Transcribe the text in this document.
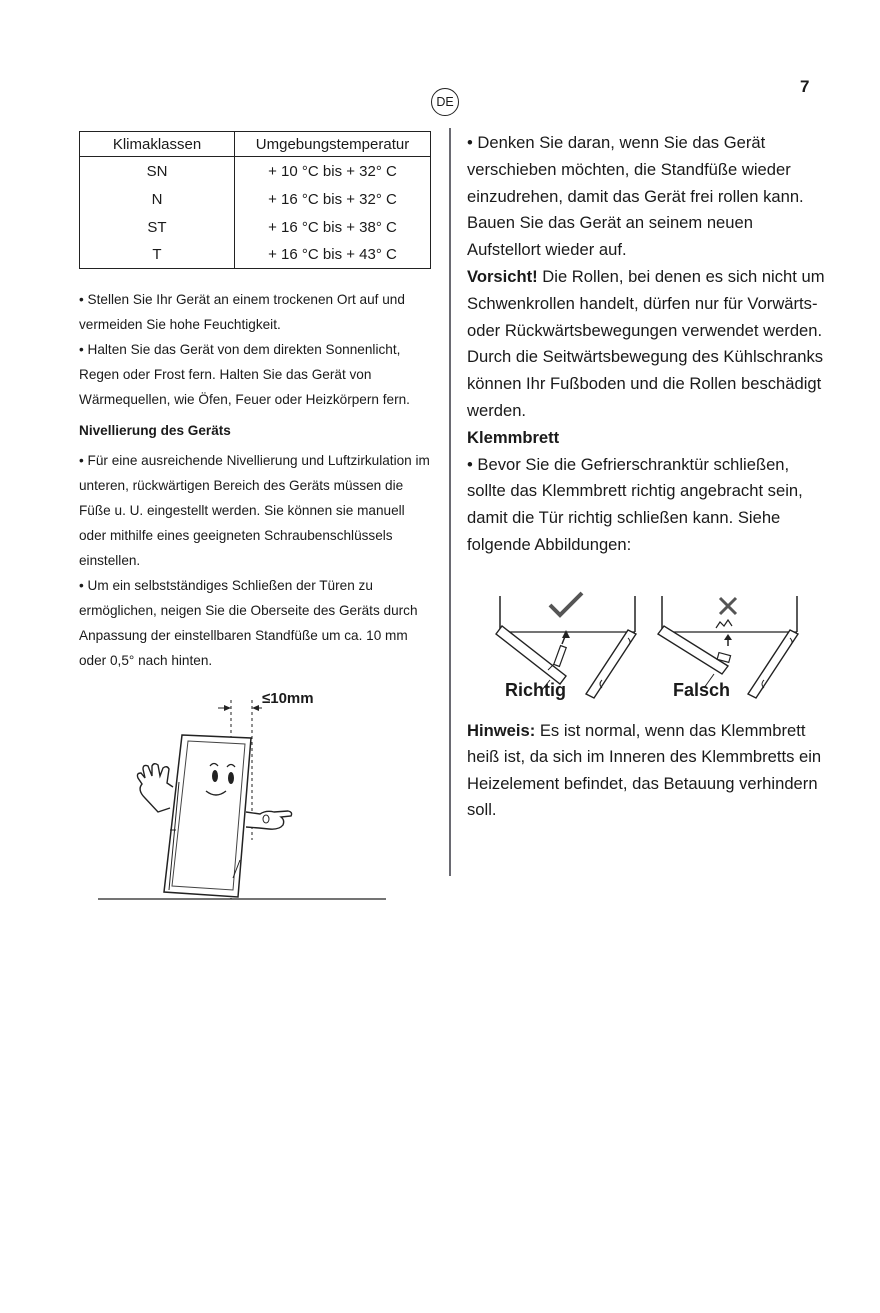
7
DE
Klimaklassen	Umgebungstemperatur
SN	+ 10 °C bis + 32° C
N	+ 16 °C bis + 32° C
ST	+ 16 °C bis + 38° C
T	+ 16 °C bis + 43° C

• Stellen Sie Ihr Gerät an einem trockenen Ort auf und vermeiden Sie hohe Feuchtigkeit.

• Halten Sie das Gerät von dem direkten Sonnenlicht, Regen oder Frost fern. Halten Sie das Gerät von Wärmequellen, wie Öfen, Feuer oder Heizkörpern fern.

Nivellierung des Geräts

• Für eine ausreichende Nivellierung und Luftzirkulation im unteren, rückwärtigen Bereich des Geräts müssen die Füße u. U. eingestellt werden. Sie können sie manuell oder mithilfe eines geeigneten Schraubenschlüssels einstellen.

• Um ein selbstständiges Schließen der Türen zu ermöglichen, neigen Sie die Oberseite des Geräts durch Anpassung der einstellbaren Standfüße um ca. 10 mm oder 0,5° nach hinten.

≤10mm

• Denken Sie daran, wenn Sie das Gerät verschieben möchten, die Standfüße wieder einzudrehen, damit das Gerät frei rollen kann. Bauen Sie das Gerät an seinem neuen Aufstellort wieder auf.

Vorsicht! Die Rollen, bei denen es sich nicht um Schwenkrollen handelt, dürfen nur für Vorwärts- oder Rückwärtsbewegungen verwendet werden. Durch die Seitwärtsbewegung des Kühlschranks können Ihr Fußboden und die Rollen beschädigt werden.

Klemmbrett

• Bevor Sie die Gefrierschranktür schließen, sollte das Klemmbrett richtig angebracht sein, damit die Tür richtig schließen kann. Siehe folgende Abbildungen:

Richtig	Falsch

Hinweis: Es ist normal, wenn das Klemmbrett heiß ist, da sich im Inneren des Klemmbretts ein Heizelement befindet, das Betauung verhindern soll.
